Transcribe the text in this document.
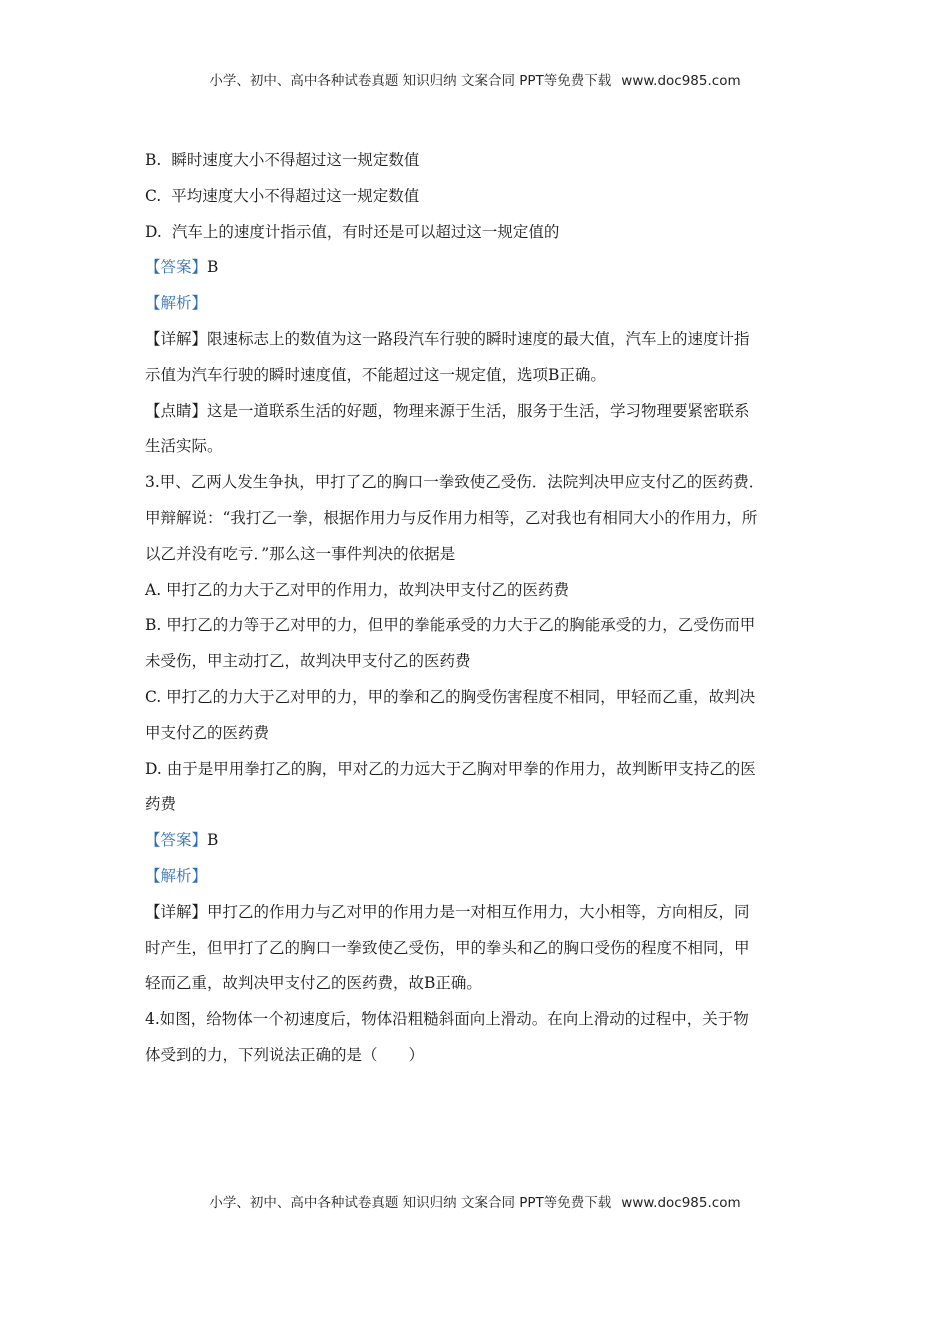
小学、初中、高中各种试卷真题 知识归纳 文案合同 PPT等免费下载 www.doc985.com
B. 瞬时速度大小不得超过这一规定数值
C. 平均速度大小不得超过这一规定数值
D. 汽车上的速度计指示值，有时还是可以超过这一规定值的
【答案】B
【解析】
【详解】限速标志上的数值为这一路段汽车行驶的瞬时速度的最大值，汽车上的速度计指
示值为汽车行驶的瞬时速度值，不能超过这一规定值，选项B正确。
【点睛】这是一道联系生活的好题，物理来源于生活，服务于生活，学习物理要紧密联系
生活实际。
3.甲、乙两人发生争执，甲打了乙的胸口一拳致使乙受伤．法院判决甲应支付乙的医药费．
甲辩解说：“我打乙一拳，根据作用力与反作用力相等，乙对我也有相同大小的作用力，所
以乙并没有吃亏．”那么这一事件判决的依据是
A. 甲打乙的力大于乙对甲的作用力，故判决甲支付乙的医药费
B. 甲打乙的力等于乙对甲的力，但甲的拳能承受的力大于乙的胸能承受的力，乙受伤而甲
未受伤，甲主动打乙，故判决甲支付乙的医药费
C. 甲打乙的力大于乙对甲的力，甲的拳和乙的胸受伤害程度不相同，甲轻而乙重，故判决
甲支付乙的医药费
D. 由于是甲用拳打乙的胸，甲对乙的力远大于乙胸对甲拳的作用力，故判断甲支持乙的医
药费
【答案】B
【解析】
【详解】甲打乙的作用力与乙对甲的作用力是一对相互作用力，大小相等，方向相反，同
时产生，但甲打了乙的胸口一拳致使乙受伤，甲的拳头和乙的胸口受伤的程度不相同，甲
轻而乙重，故判决甲支付乙的医药费，故B正确。
4.如图，给物体一个初速度后，物体沿粗糙斜面向上滑动。在向上滑动的过程中，关于物
体受到的力，下列说法正确的是（　　）
小学、初中、高中各种试卷真题 知识归纳 文案合同 PPT等免费下载 www.doc985.com
